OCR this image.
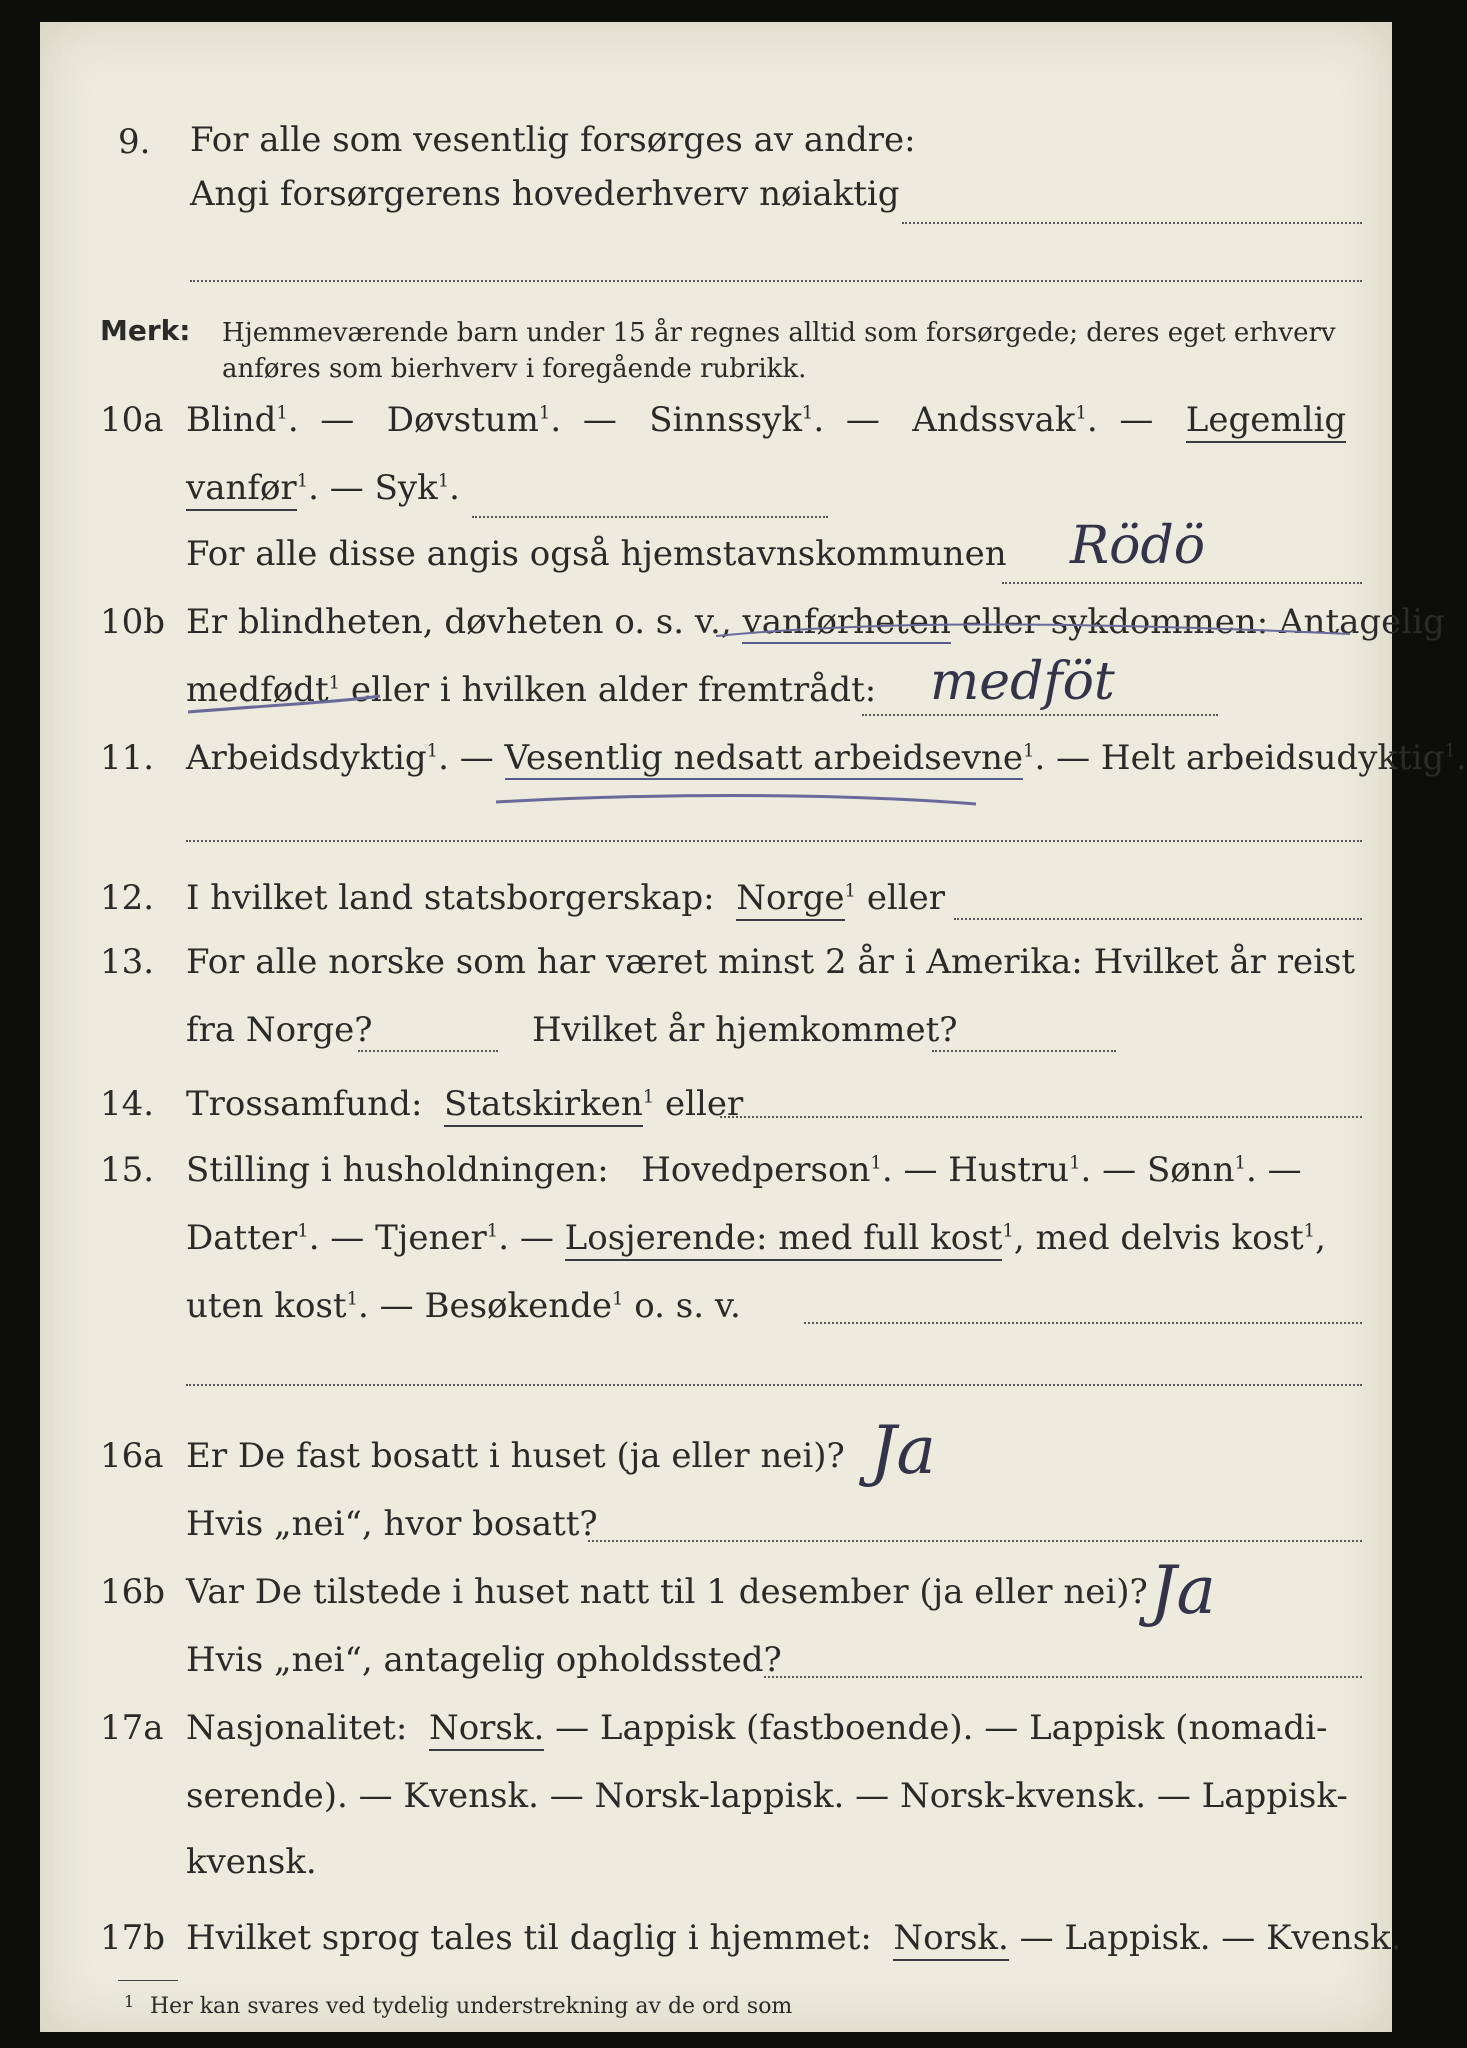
9. For alle som vesentlig forsørges av andre:
Angi forsørgerens hovederhverv nøiaktig
Merk: Hjemmeværende barn under 15 år regnes alltid som forsørgede; deres eget erhverv
anføres som bierhverv i foregående rubrikk.
10a Blind$^1$.  — Døvstum$^1$.  — Sinnssyk$^1$.  — Andssvak$^1$.  — Legemlig
vanfør$^1$. — Syk$^1$.
For alle disse angis også hjemstavnskommunen Rödö
10b Er blindheten, døvheten o. s. v., vanførheten eller sykdommen: Antagelig
medfødt$^1$ eller i hvilken alder fremtrådt: medföt
11. Arbeidsdyktig$^1$. — Vesentlig nedsatt arbeidsevne$^1$. — Helt arbeidsudyktig$^1$.
12. I hvilket land statsborgerskap: Norge$^1$ eller
13. For alle norske som har været minst 2 år i Amerika: Hvilket år reist
fra Norge?	Hvilket år hjemkommet?
14. Trossamfund: Statskirken$^1$ eller
15. Stilling i husholdningen: Hovedperson$^1$. — Hustru$^1$. — Sønn$^1$. —
Datter$^1$. — Tjener$^1$. — Losjerende: med full kost$^1$, med delvis kost$^1$,
uten kost$^1$. — Besøkende$^1$ o. s. v.
16a Er De fast bosatt i huset (ja eller nei)? Ja
Hvis „nei“, hvor bosatt?
16b Var De tilstede i huset natt til 1 desember (ja eller nei)? Ja
Hvis „nei“, antagelig opholdssted?
17a Nasjonalitet: Norsk. — Lappisk (fastboende). — Lappisk (nomadi-
serende). — Kvensk. — Norsk-lappisk. — Norsk-kvensk. — Lappisk-
kvensk.
17b Hvilket sprog tales til daglig i hjemmet: Norsk. — Lappisk. — Kvensk.
1 Her kan svares ved tydelig understrekning av de ord som
